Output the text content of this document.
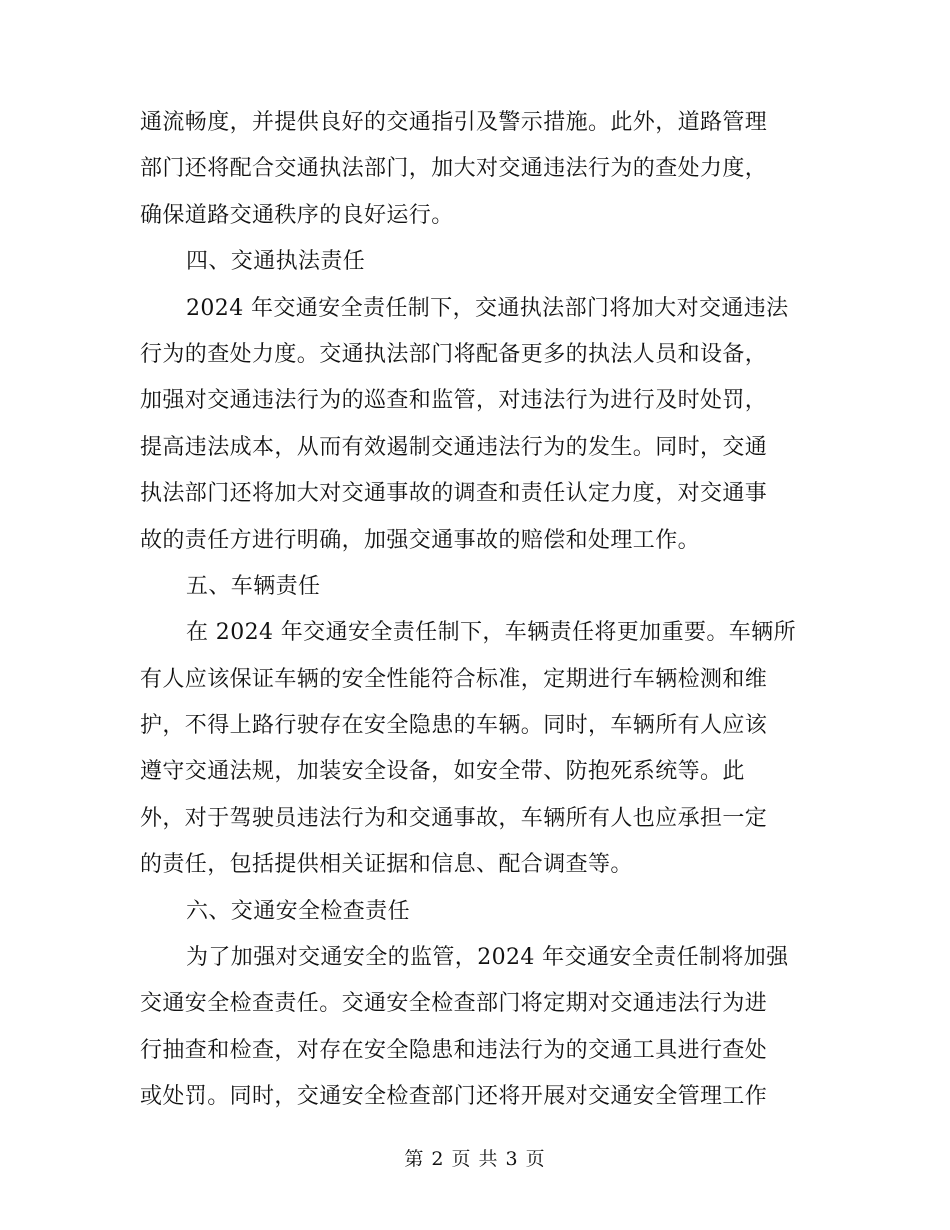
通流畅度，并提供良好的交通指引及警示措施。此外，道路管理
部门还将配合交通执法部门，加大对交通违法行为的查处力度，
确保道路交通秩序的良好运行。
四、交通执法责任
2024 年交通安全责任制下，交通执法部门将加大对交通违法
行为的查处力度。交通执法部门将配备更多的执法人员和设备，
加强对交通违法行为的巡查和监管，对违法行为进行及时处罚，
提高违法成本，从而有效遏制交通违法行为的发生。同时，交通
执法部门还将加大对交通事故的调查和责任认定力度，对交通事
故的责任方进行明确，加强交通事故的赔偿和处理工作。
五、车辆责任
在 2024 年交通安全责任制下，车辆责任将更加重要。车辆所
有人应该保证车辆的安全性能符合标准，定期进行车辆检测和维
护，不得上路行驶存在安全隐患的车辆。同时，车辆所有人应该
遵守交通法规，加装安全设备，如安全带、防抱死系统等。此
外，对于驾驶员违法行为和交通事故，车辆所有人也应承担一定
的责任，包括提供相关证据和信息、配合调查等。
六、交通安全检查责任
为了加强对交通安全的监管，2024 年交通安全责任制将加强
交通安全检查责任。交通安全检查部门将定期对交通违法行为进
行抽查和检查，对存在安全隐患和违法行为的交通工具进行查处
或处罚。同时，交通安全检查部门还将开展对交通安全管理工作
第 2 页 共 3 页
